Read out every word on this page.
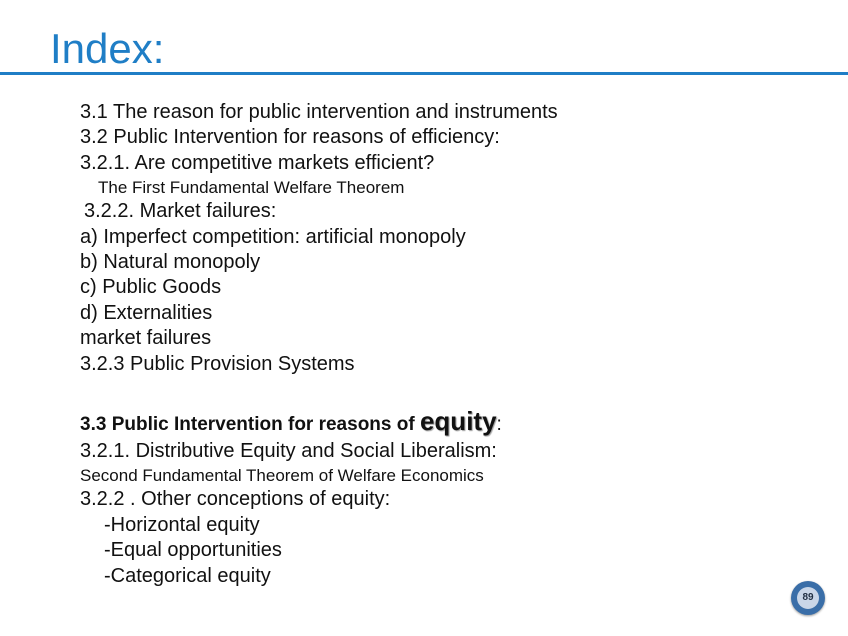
Index:

3.1 The reason for public intervention and instruments

3.2 Public Intervention for reasons of efficiency:

3.2.1. Are competitive markets efficient?

The First Fundamental Welfare Theorem

3.2.2. Market failures:

a) Imperfect competition: artificial monopoly

b) Natural monopoly

c) Public Goods

d) Externalities

market failures

3.2.3 Public Provision Systems

3.3 Public Intervention for reasons of equity:

3.2.1. Distributive Equity and Social Liberalism:

Second Fundamental Theorem of Welfare Economics

3.2.2 . Other conceptions of equity:

-Horizontal equity

-Equal opportunities

-Categorical equity

89
